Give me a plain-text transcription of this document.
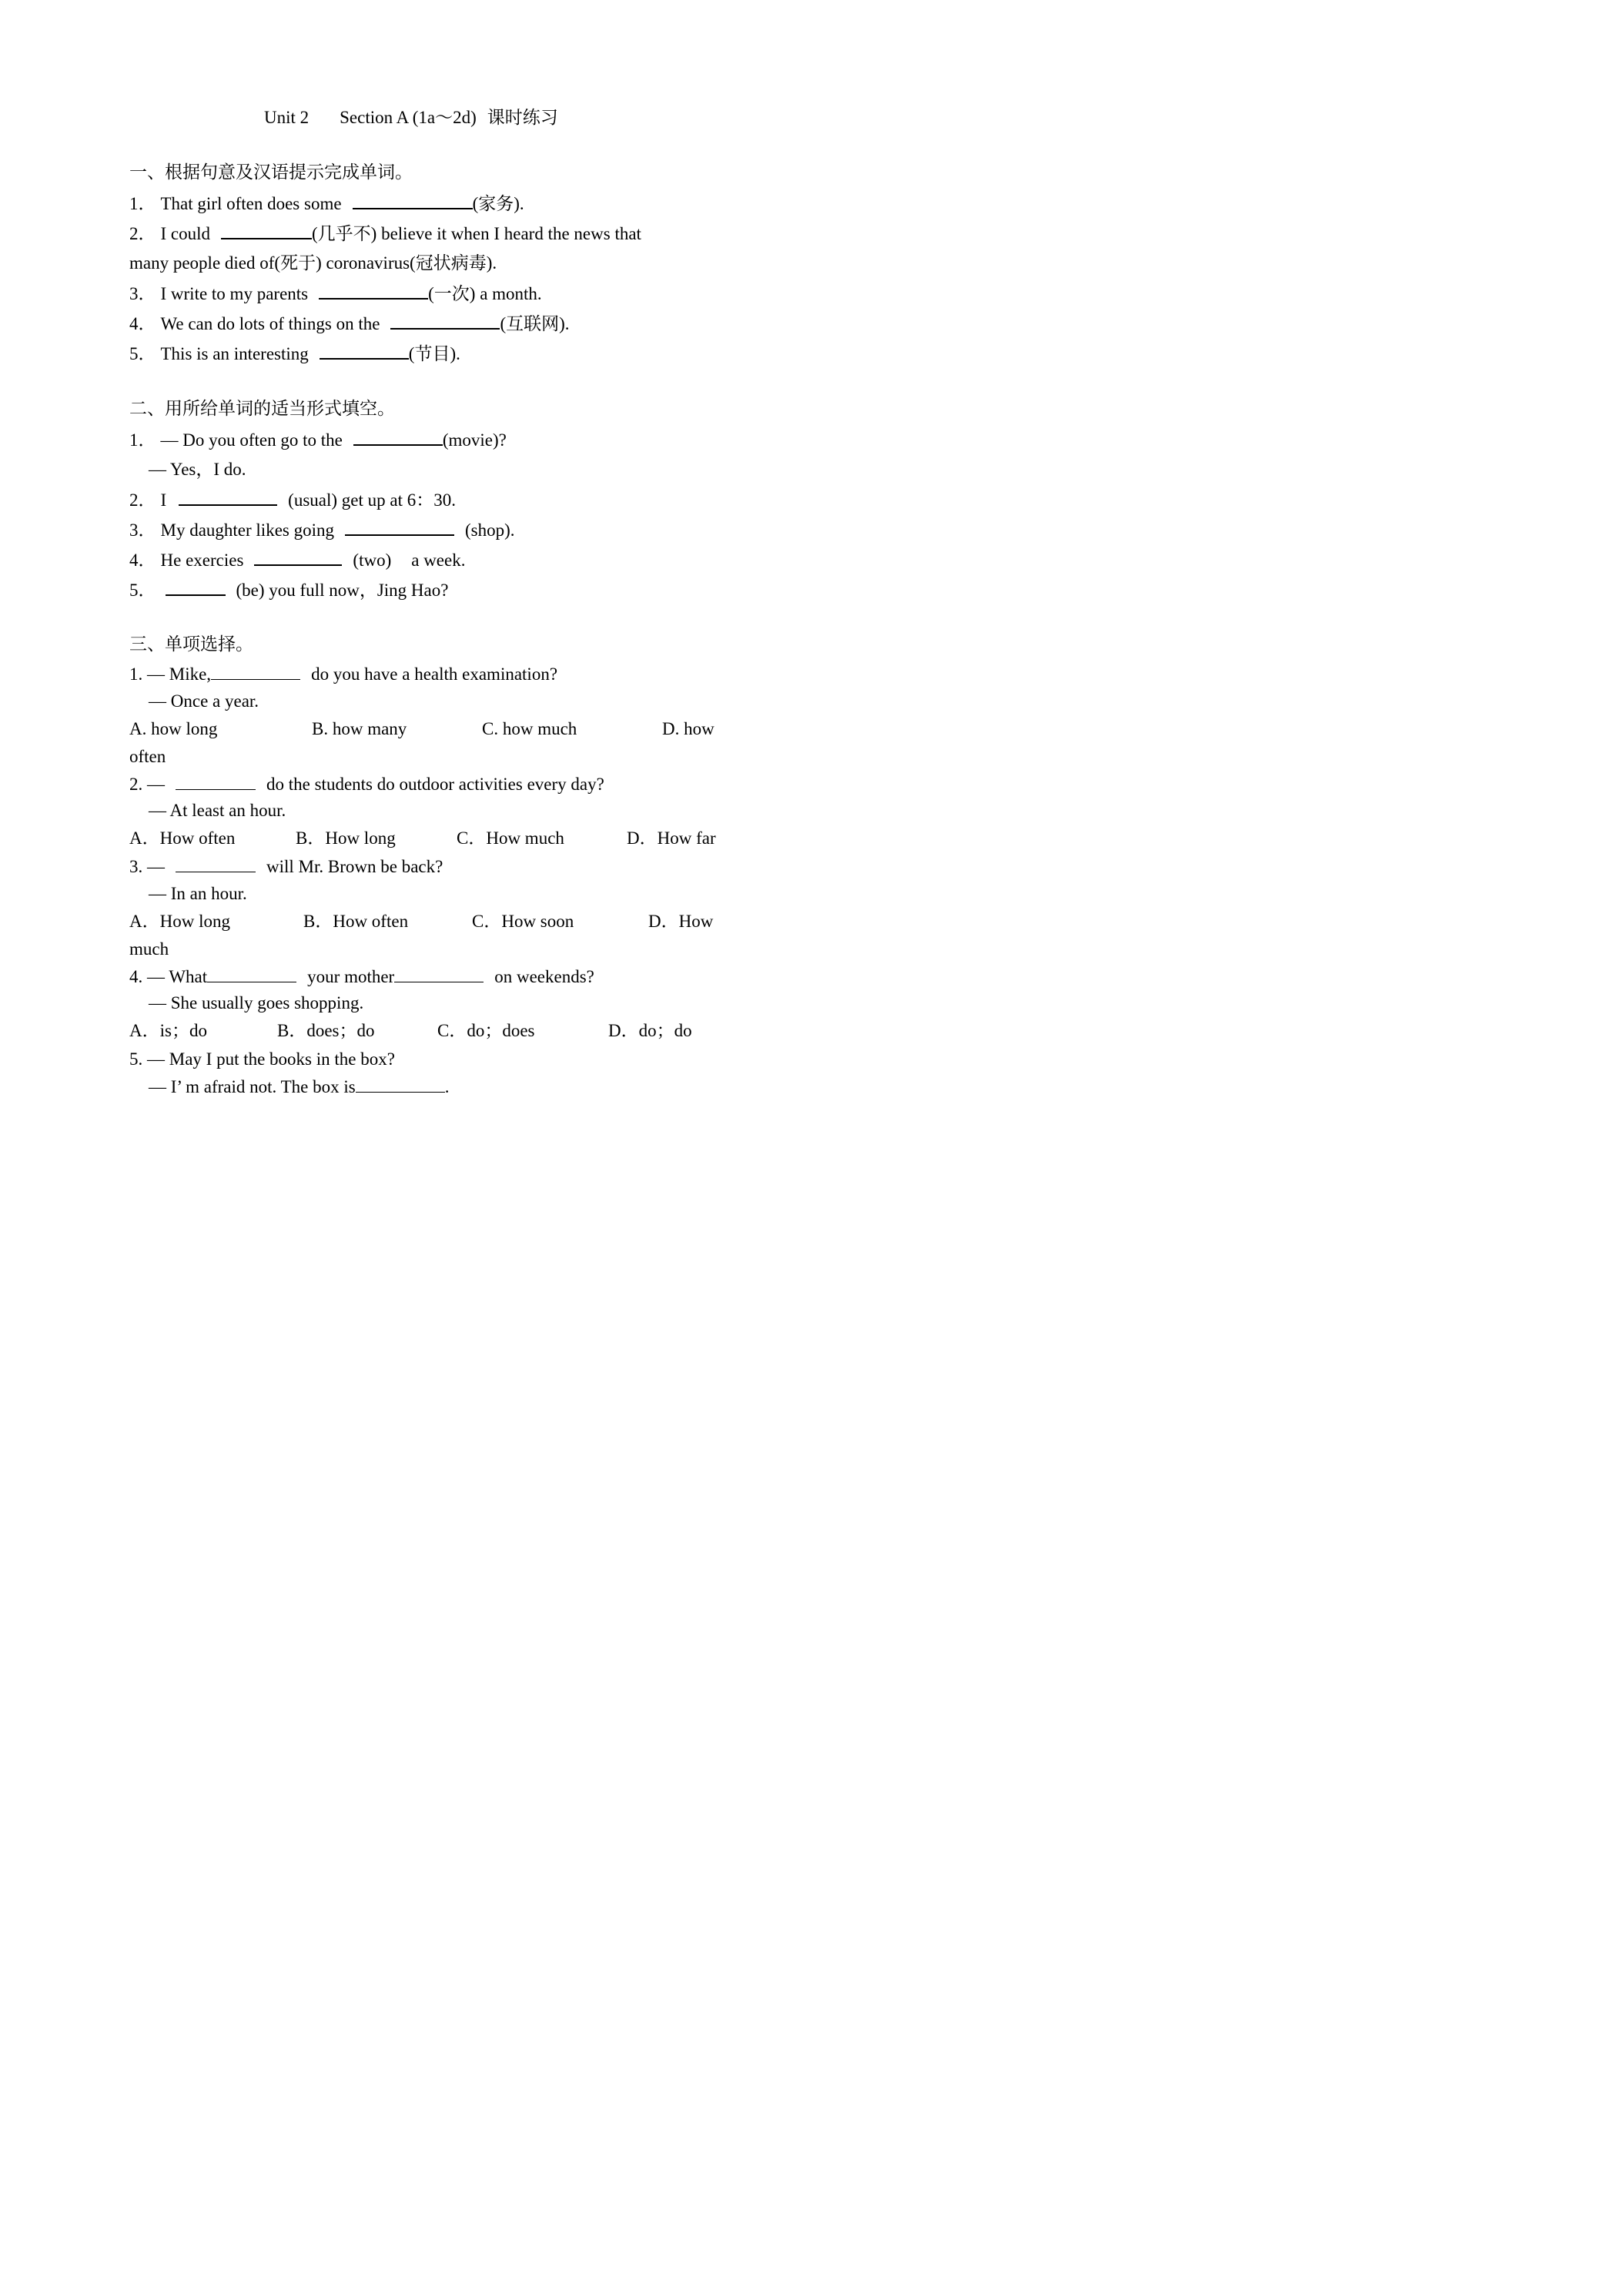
Unit 2 Section A (1a～2d) 课时练习
一、根据句意及汉语提示完成单词。
1． That girl often does some	(家务).
2． I could	(几乎不) believe it when I heard the news that
many people died of(死于) coronavirus(冠状病毒).
3． I write to my parents	(一次) a month.
4． We can do lots of things on the	(互联网).
5． This is an interesting	(节目).
二、用所给单词的适当形式填空。
1． — Do you often go to the	(movie)?
— Yes，I do.
2． I	(usual) get up at 6：30.
3． My daughter likes going	(shop).
4． He exercies	(two) a week.
5．	(be) you full now，Jing Hao?
三、单项选择。
1. — Mike,	do you have a health examination?
— Once a year.
A. how long	B. how many	C. how much	D. how
often
2. —	do the students do outdoor activities every day?
— At least an hour.
A．How often	B．How long	C．How much	D．How far
3. —	will Mr. Brown be back?
— In an hour.
A．How long	B．How often	C．How soon	D．How
much
4. — What	your mother	on weekends?
— She usually goes shopping.
A．is；do	B．does；do	C．do；does	D．do；do
5. — May I put the books in the box?
— I’ m afraid not. The box is	.
